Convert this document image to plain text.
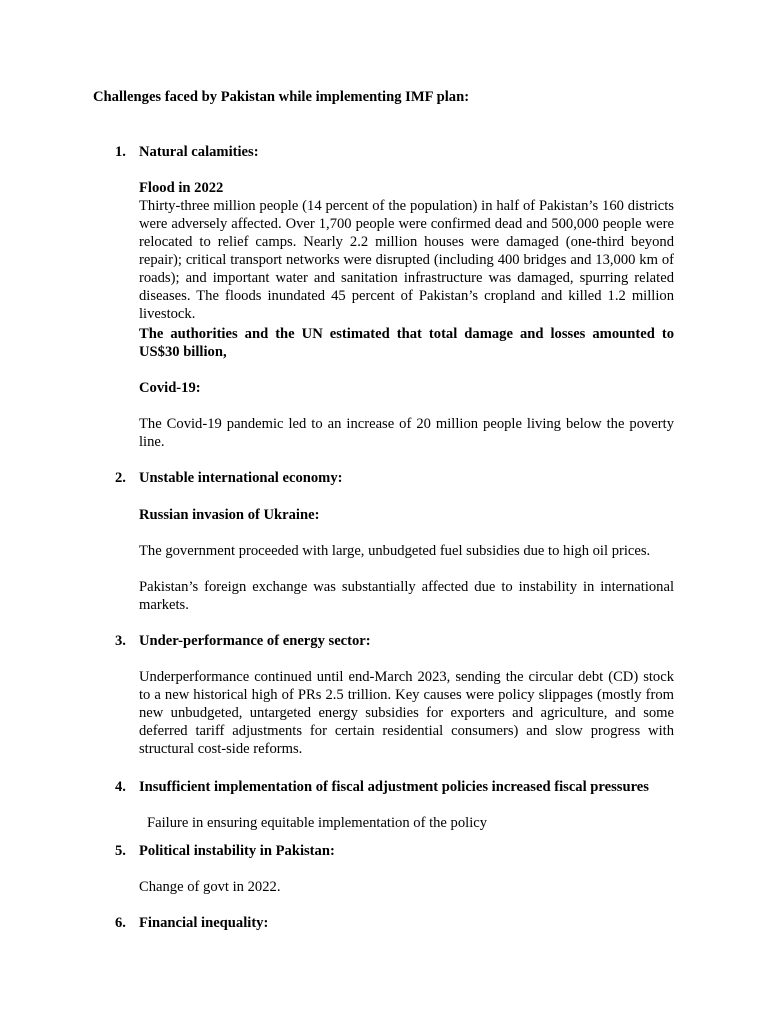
Challenges faced by Pakistan while implementing IMF plan:

1. Natural calamities:

Flood in 2022

Thirty-three million people (14 percent of the population) in half of Pakistan’s 160 districts were adversely affected. Over 1,700 people were confirmed dead and 500,000 people were relocated to relief camps. Nearly 2.2 million houses were damaged (one-third beyond repair); critical transport networks were disrupted (including 400 bridges and 13,000 km of roads); and important water and sanitation infrastructure was damaged, spurring related diseases. The floods inundated 45 percent of Pakistan’s cropland and killed 1.2 million livestock.

The authorities and the UN estimated that total damage and losses amounted to US$30 billion,

Covid-19:

The Covid-19 pandemic led to an increase of 20 million people living below the poverty line.

2. Unstable international economy:

Russian invasion of Ukraine:

The government proceeded with large, unbudgeted fuel subsidies due to high oil prices.

Pakistan’s foreign exchange was substantially affected due to instability in international markets.

3. Under-performance of energy sector:

Underperformance continued until end-March 2023, sending the circular debt (CD) stock to a new historical high of PRs 2.5 trillion. Key causes were policy slippages (mostly from new unbudgeted, untargeted energy subsidies for exporters and agriculture, and some deferred tariff adjustments for certain residential consumers) and slow progress with structural cost-side reforms.

4. Insufficient implementation of fiscal adjustment policies increased fiscal pressures

Failure in ensuring equitable implementation of the policy

5. Political instability in Pakistan:

Change of govt in 2022.

6. Financial inequality:
